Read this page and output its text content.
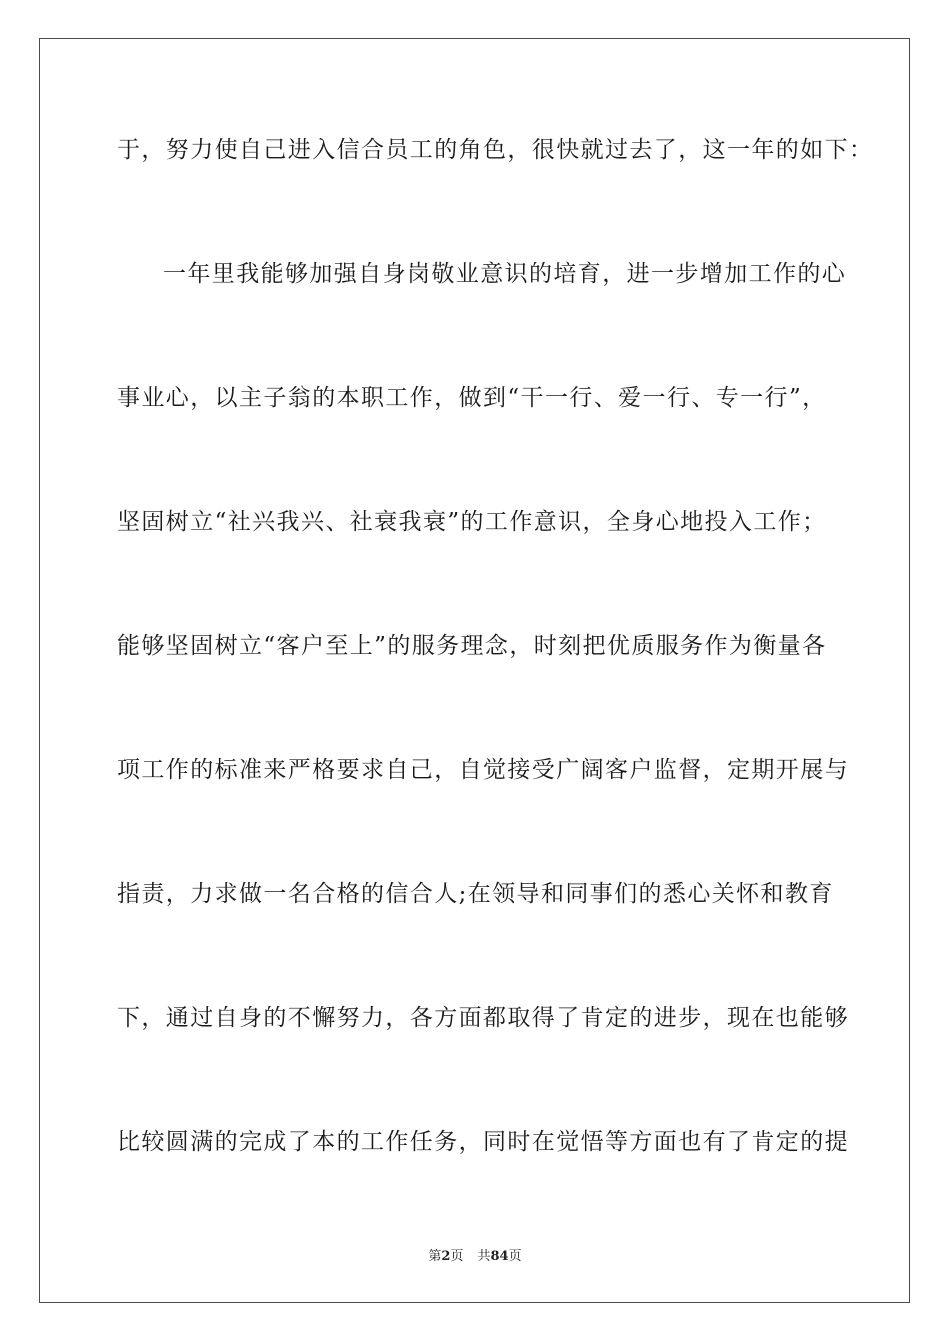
于，努力使自己进入信合员工的角色，很快就过去了，这一年的如下：
一年里我能够加强自身岗敬业意识的培育，进一步增加工作的心
事业心，以主子翁的本职工作，做到“干一行、爱一行、专一行”，
坚固树立“社兴我兴、社衰我衰”的工作意识，全身心地投入工作；
能够坚固树立“客户至上”的服务理念，时刻把优质服务作为衡量各
项工作的标准来严格要求自己，自觉接受广阔客户监督，定期开展与
指责，力求做一名合格的信合人;在领导和同事们的悉心关怀和教育
下，通过自身的不懈努力，各方面都取得了肯定的进步，现在也能够
比较圆满的完成了本的工作任务，同时在觉悟等方面也有了肯定的提
第2页 共84页
